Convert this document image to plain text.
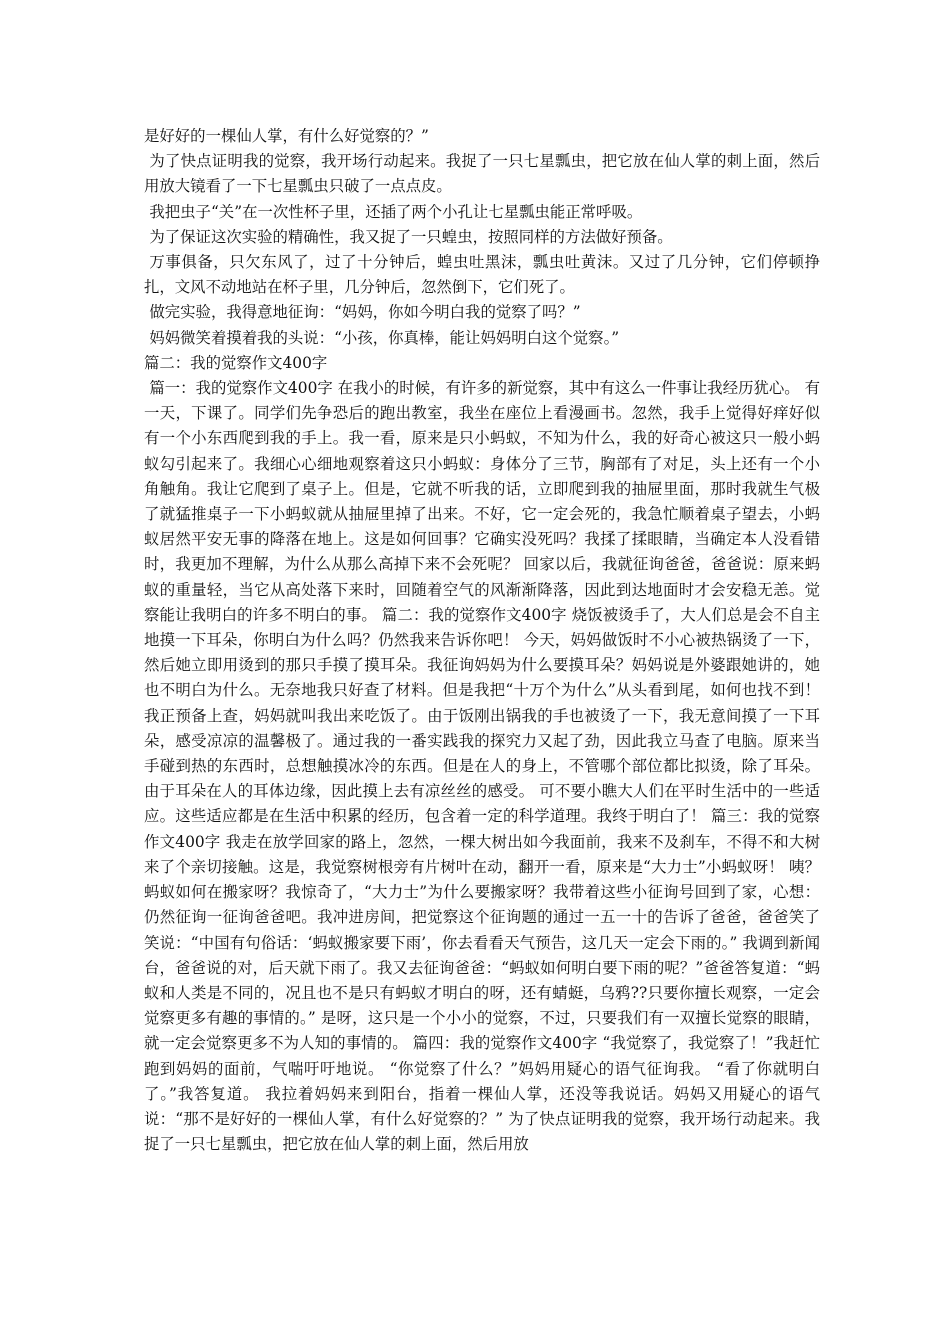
是好好的一棵仙人掌，有什么好觉察的？”

为了快点证明我的觉察，我开场行动起来。我捉了一只七星瓢虫，把它放在仙人掌的刺上面，然后用放大镜看了一下七星瓢虫只破了一点点皮。

我把虫子“关”在一次性杯子里，还插了两个小孔让七星瓢虫能正常呼吸。

为了保证这次实验的精确性，我又捉了一只蝗虫，按照同样的方法做好预备。

万事俱备，只欠东风了，过了十分钟后，蝗虫吐黑沫，瓢虫吐黄沫。又过了几分钟，它们停顿挣扎，文风不动地站在杯子里，几分钟后，忽然倒下，它们死了。

做完实验，我得意地征询：“妈妈，你如今明白我的觉察了吗？”

妈妈微笑着摸着我的头说：“小孩，你真棒，能让妈妈明白这个觉察。”

篇二：我的觉察作文400字

篇一：我的觉察作文400字 在我小的时候，有许多的新觉察，其中有这么一件事让我经历犹心。 有一天，下课了。同学们先争恐后的跑出教室，我坐在座位上看漫画书。忽然，我手上觉得好痒好似有一个小东西爬到我的手上。我一看，原来是只小蚂蚁，不知为什么，我的好奇心被这只一般小蚂蚁勾引起来了。我细心心细地观察着这只小蚂蚁：身体分了三节，胸部有了对足，头上还有一个小角触角。我让它爬到了桌子上。但是，它就不听我的话，立即爬到我的抽屉里面，那时我就生气极了就猛推桌子一下小蚂蚁就从抽屉里掉了出来。不好，它一定会死的，我急忙顺着桌子望去，小蚂蚁居然平安无事的降落在地上。这是如何回事？它确实没死吗？我揉了揉眼睛，当确定本人没看错时，我更加不理解，为什么从那么高掉下来不会死呢？ 回家以后，我就征询爸爸，爸爸说：原来蚂蚁的重量轻，当它从高处落下来时，回随着空气的风渐渐降落，因此到达地面时才会安稳无恙。觉察能让我明白的许多不明白的事。 篇二：我的觉察作文400字 烧饭被烫手了，大人们总是会不自主地摸一下耳朵，你明白为什么吗？仍然我来告诉你吧！ 今天，妈妈做饭时不小心被热锅烫了一下，然后她立即用烫到的那只手摸了摸耳朵。我征询妈妈为什么要摸耳朵？妈妈说是外婆跟她讲的，她也不明白为什么。无奈地我只好查了材料。但是我把“十万个为什么”从头看到尾，如何也找不到！我正预备上查，妈妈就叫我出来吃饭了。由于饭刚出锅我的手也被烫了一下，我无意间摸了一下耳朵，感受凉凉的温馨极了。通过我的一番实践我的探究力又起了劲，因此我立马查了电脑。原来当手碰到热的东西时，总想触摸冰冷的东西。但是在人的身上，不管哪个部位都比拟烫，除了耳朵。由于耳朵在人的耳体边缘，因此摸上去有凉丝丝的感受。 可不要小瞧大人们在平时生活中的一些适应。这些适应都是在生活中积累的经历，包含着一定的科学道理。我终于明白了！ 篇三：我的觉察作文400字 我走在放学回家的路上，忽然，一棵大树出如今我面前，我来不及刹车，不得不和大树来了个亲切接触。这是，我觉察树根旁有片树叶在动，翻开一看，原来是“大力士”小蚂蚁呀！ 咦？蚂蚁如何在搬家呀？我惊奇了，“大力士”为什么要搬家呀？我带着这些小征询号回到了家，心想：仍然征询一征询爸爸吧。我冲进房间，把觉察这个征询题的通过一五一十的告诉了爸爸，爸爸笑了笑说：“中国有句俗话：‘蚂蚁搬家要下雨’，你去看看天气预告，这几天一定会下雨的。” 我调到新闻台，爸爸说的对，后天就下雨了。我又去征询爸爸：“蚂蚁如何明白要下雨的呢？”爸爸答复道：“蚂蚁和人类是不同的，况且也不是只有蚂蚁才明白的呀，还有蜻蜓，乌鸦??只要你擅长观察，一定会觉察更多有趣的事情的。” 是呀，这只是一个小小的觉察，不过，只要我们有一双擅长觉察的眼睛，就一定会觉察更多不为人知的事情的。 篇四：我的觉察作文400字 “我觉察了，我觉察了！”我赶忙跑到妈妈的面前，气喘吁吁地说。 “你觉察了什么？”妈妈用疑心的语气征询我。 “看了你就明白了。”我答复道。 我拉着妈妈来到阳台，指着一棵仙人掌，还没等我说话。妈妈又用疑心的语气说：“那不是好好的一棵仙人掌，有什么好觉察的？” 为了快点证明我的觉察，我开场行动起来。我捉了一只七星瓢虫，把它放在仙人掌的刺上面，然后用放
